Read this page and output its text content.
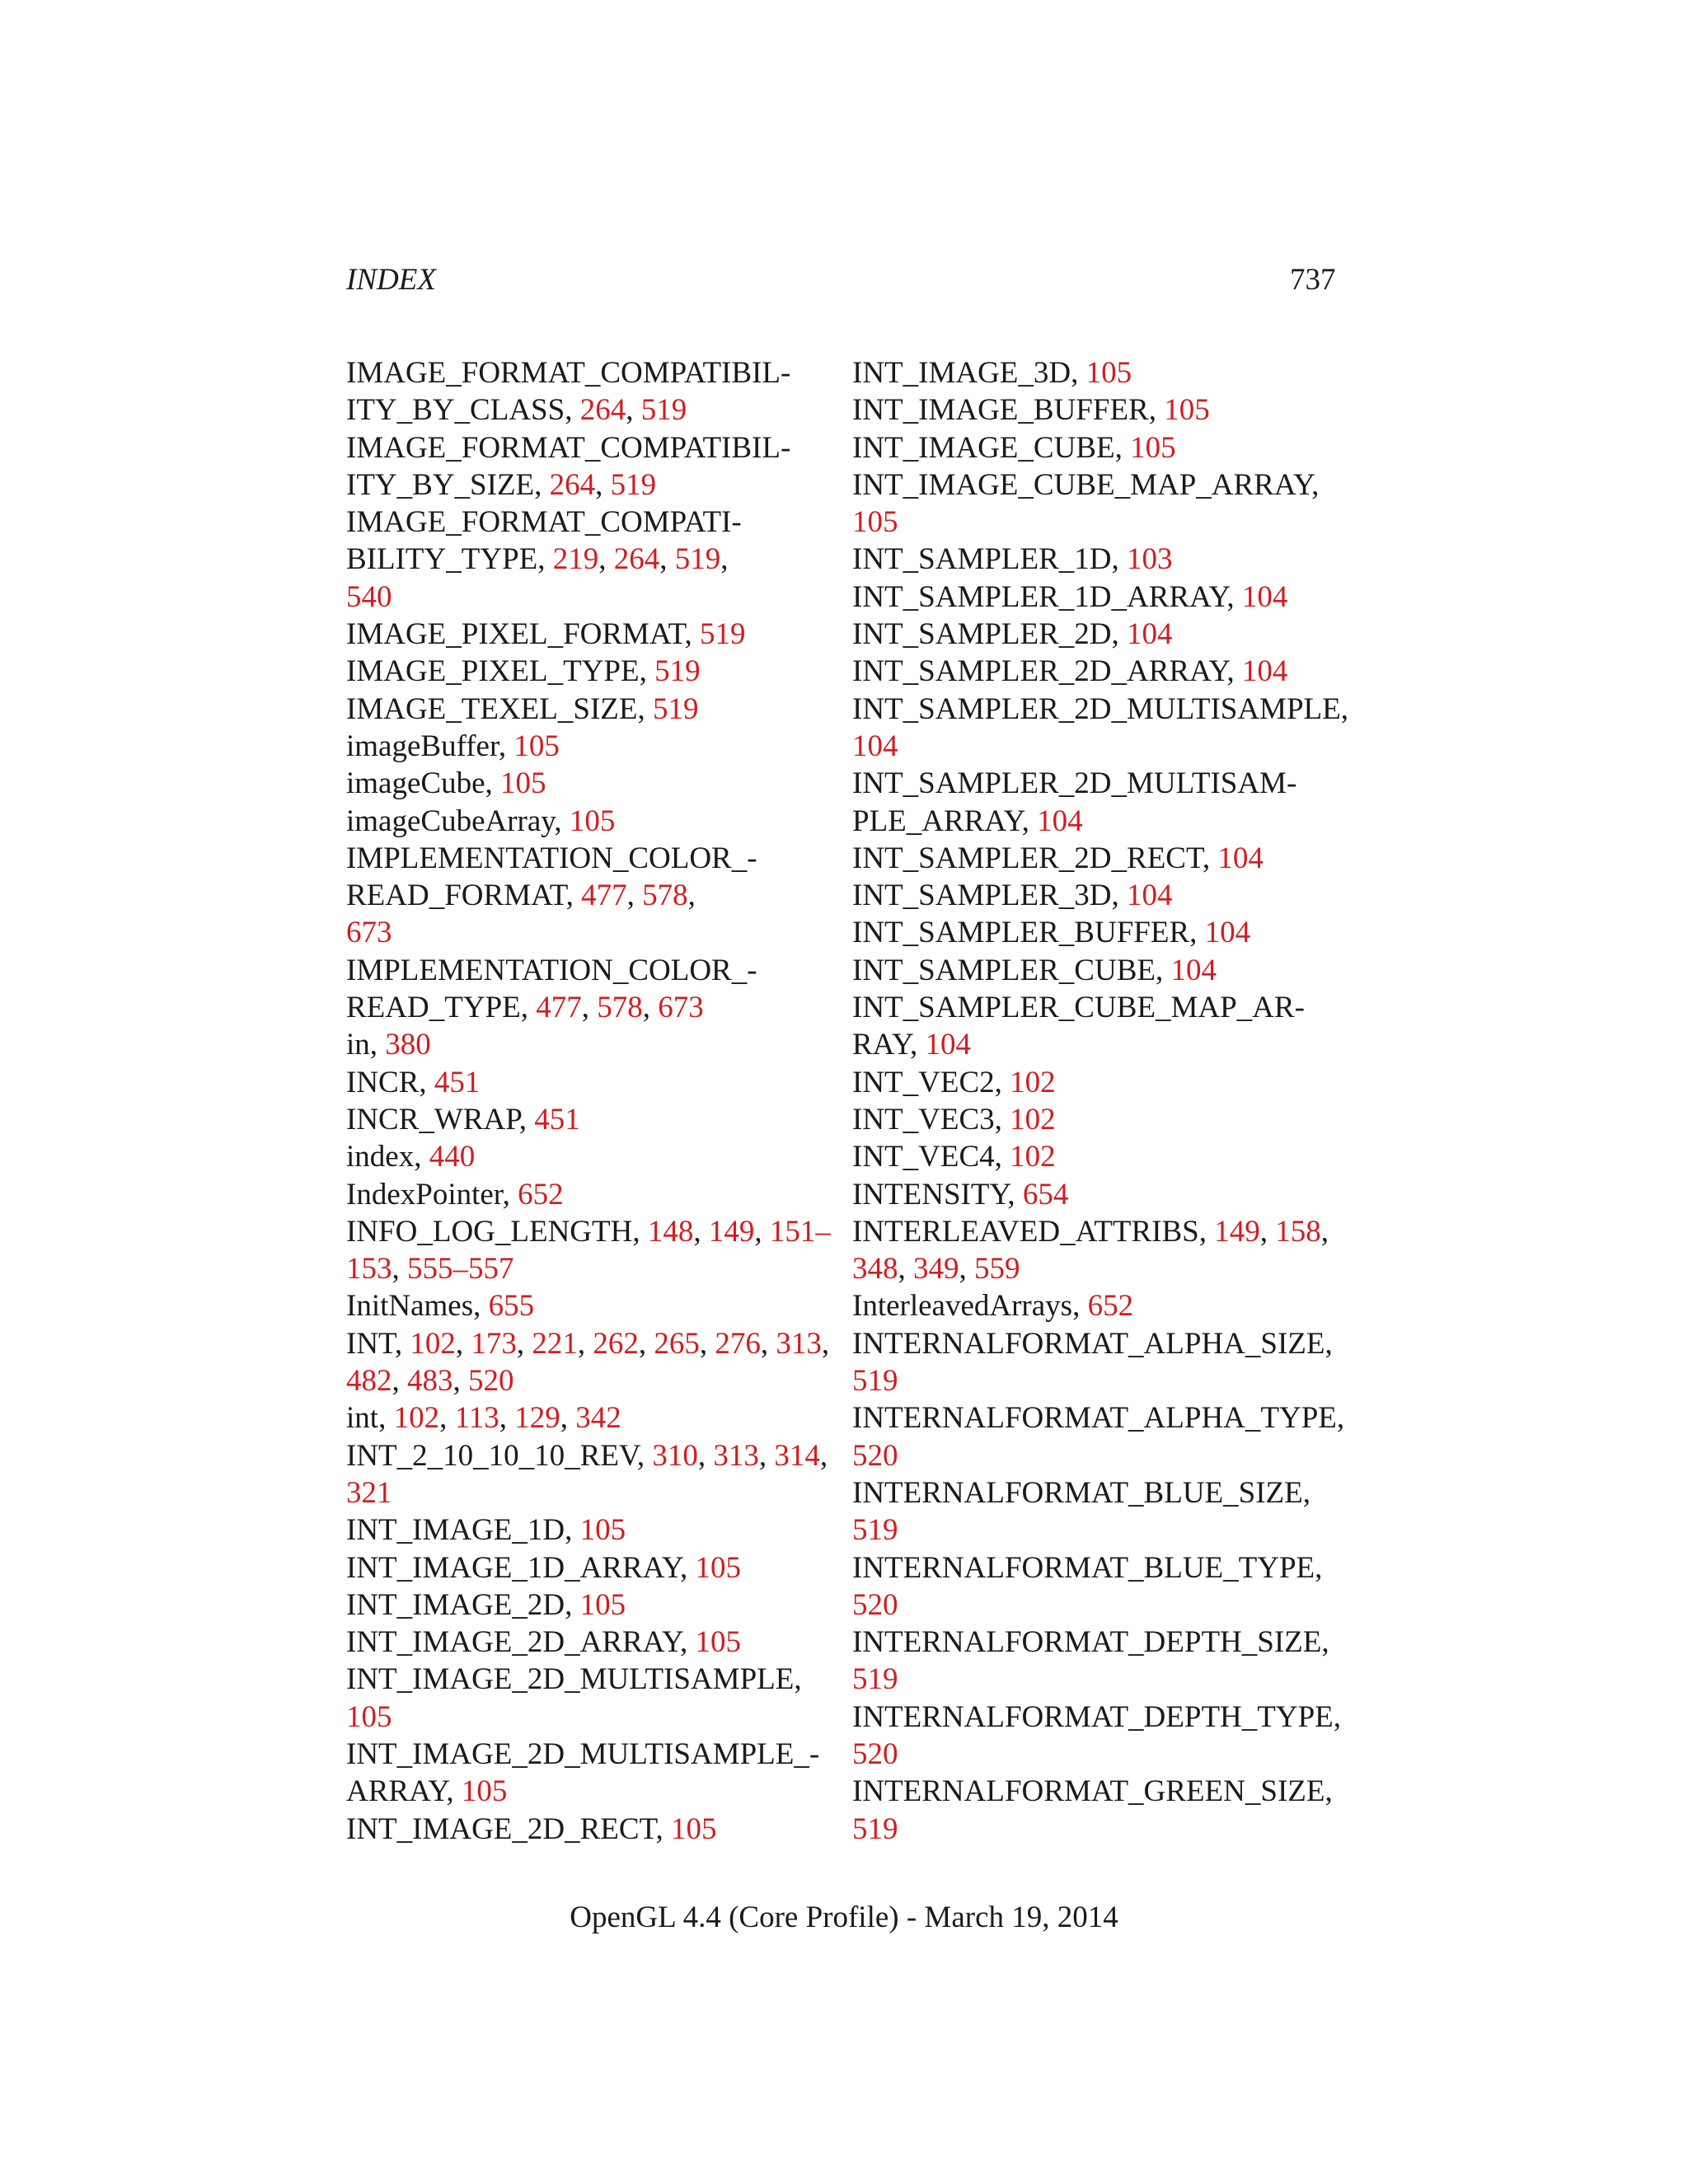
INDEX	737
IMAGE_FORMAT_COMPATIBIL-
ITY_BY_CLASS, 264, 519
IMAGE_FORMAT_COMPATIBIL-
ITY_BY_SIZE, 264, 519
IMAGE_FORMAT_COMPATI-
BILITY_TYPE, 219, 264, 519,
540
IMAGE_PIXEL_FORMAT, 519
IMAGE_PIXEL_TYPE, 519
IMAGE_TEXEL_SIZE, 519
imageBuffer, 105
imageCube, 105
imageCubeArray, 105
IMPLEMENTATION_COLOR_-
READ_FORMAT, 477, 578,
673
IMPLEMENTATION_COLOR_-
READ_TYPE, 477, 578, 673
in, 380
INCR, 451
INCR_WRAP, 451
index, 440
IndexPointer, 652
INFO_LOG_LENGTH, 148, 149, 151–
153, 555–557
InitNames, 655
INT, 102, 173, 221, 262, 265, 276, 313,
482, 483, 520
int, 102, 113, 129, 342
INT_2_10_10_10_REV, 310, 313, 314,
321
INT_IMAGE_1D, 105
INT_IMAGE_1D_ARRAY, 105
INT_IMAGE_2D, 105
INT_IMAGE_2D_ARRAY, 105
INT_IMAGE_2D_MULTISAMPLE,
105
INT_IMAGE_2D_MULTISAMPLE_-
ARRAY, 105
INT_IMAGE_2D_RECT, 105
INT_IMAGE_3D, 105
INT_IMAGE_BUFFER, 105
INT_IMAGE_CUBE, 105
INT_IMAGE_CUBE_MAP_ARRAY,
105
INT_SAMPLER_1D, 103
INT_SAMPLER_1D_ARRAY, 104
INT_SAMPLER_2D, 104
INT_SAMPLER_2D_ARRAY, 104
INT_SAMPLER_2D_MULTISAMPLE,
104
INT_SAMPLER_2D_MULTISAM-
PLE_ARRAY, 104
INT_SAMPLER_2D_RECT, 104
INT_SAMPLER_3D, 104
INT_SAMPLER_BUFFER, 104
INT_SAMPLER_CUBE, 104
INT_SAMPLER_CUBE_MAP_AR-
RAY, 104
INT_VEC2, 102
INT_VEC3, 102
INT_VEC4, 102
INTENSITY, 654
INTERLEAVED_ATTRIBS, 149, 158,
348, 349, 559
InterleavedArrays, 652
INTERNALFORMAT_ALPHA_SIZE,
519
INTERNALFORMAT_ALPHA_TYPE,
520
INTERNALFORMAT_BLUE_SIZE,
519
INTERNALFORMAT_BLUE_TYPE,
520
INTERNALFORMAT_DEPTH_SIZE,
519
INTERNALFORMAT_DEPTH_TYPE,
520
INTERNALFORMAT_GREEN_SIZE,
519
OpenGL 4.4 (Core Profile) - March 19, 2014
